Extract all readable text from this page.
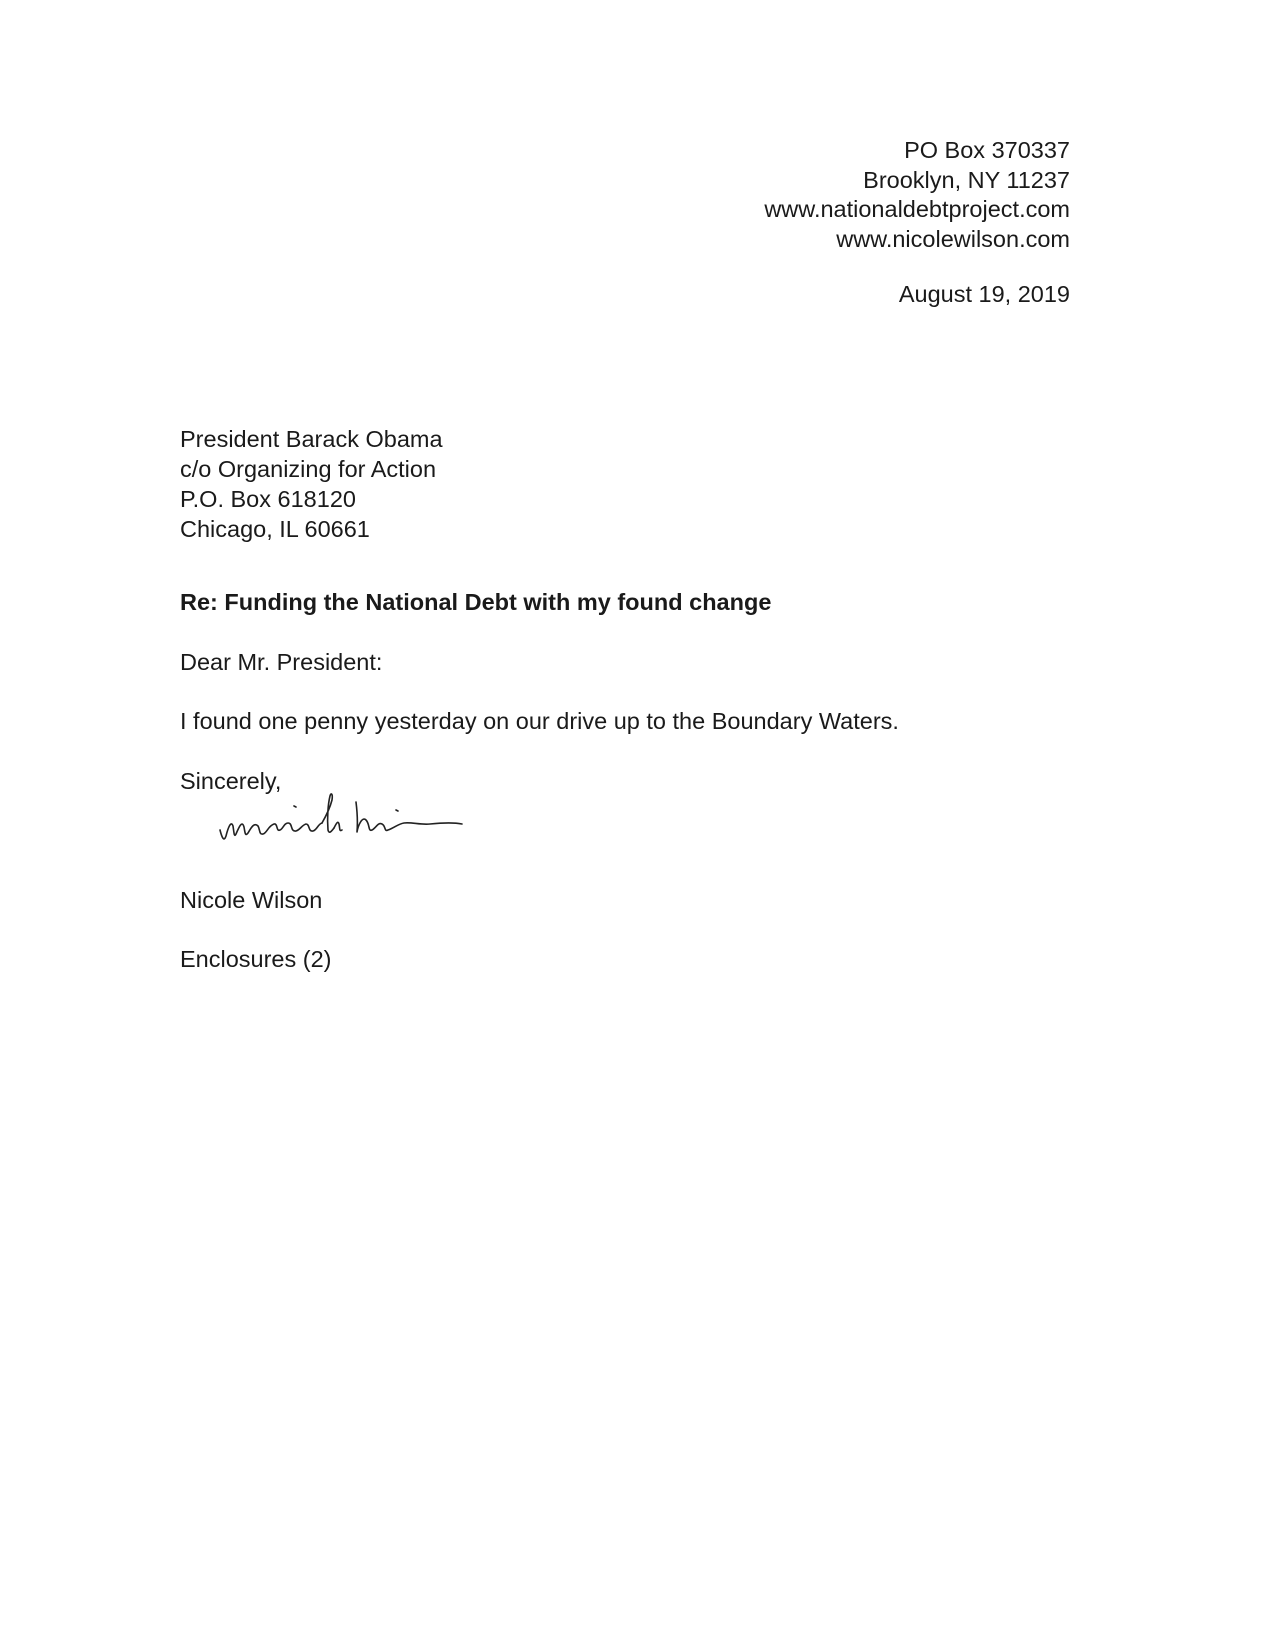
PO Box 370337
Brooklyn, NY 11237
www.nationaldebtproject.com
www.nicolewilson.com
August 19, 2019
President Barack Obama
c/o Organizing for Action
P.O. Box 618120
Chicago, IL 60661
Re: Funding the National Debt with my found change
Dear Mr. President:
I found one penny yesterday on our drive up to the Boundary Waters.
Sincerely,
Nicole Wilson
Enclosures (2)
